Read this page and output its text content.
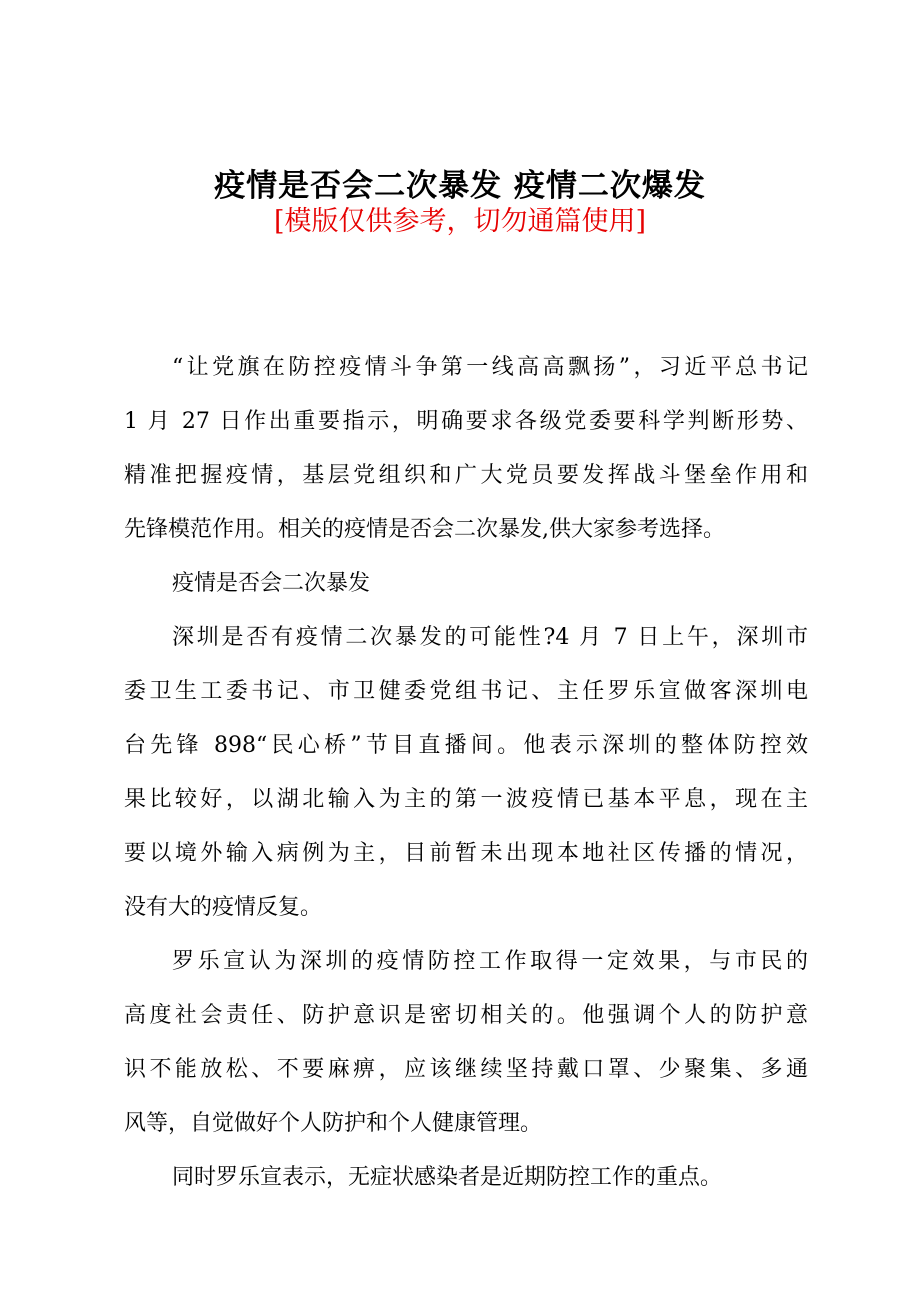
疫情是否会二次暴发 疫情二次爆发
[模版仅供参考，切勿通篇使用]
“让党旗在防控疫情斗争第一线高高飘扬”，习近平总书记
1 月 27 日作出重要指示，明确要求各级党委要科学判断形势、
精准把握疫情，基层党组织和广大党员要发挥战斗堡垒作用和
先锋模范作用。相关的疫情是否会二次暴发,供大家参考选择。
疫情是否会二次暴发
深圳是否有疫情二次暴发的可能性?4 月 7 日上午，深圳市
委卫生工委书记、市卫健委党组书记、主任罗乐宣做客深圳电
台先锋 898“民心桥”节目直播间。他表示深圳的整体防控效
果比较好，以湖北输入为主的第一波疫情已基本平息，现在主
要以境外输入病例为主，目前暂未出现本地社区传播的情况，
没有大的疫情反复。
罗乐宣认为深圳的疫情防控工作取得一定效果，与市民的
高度社会责任、防护意识是密切相关的。他强调个人的防护意
识不能放松、不要麻痹，应该继续坚持戴口罩、少聚集、多通
风等，自觉做好个人防护和个人健康管理。
同时罗乐宣表示，无症状感染者是近期防控工作的重点。
